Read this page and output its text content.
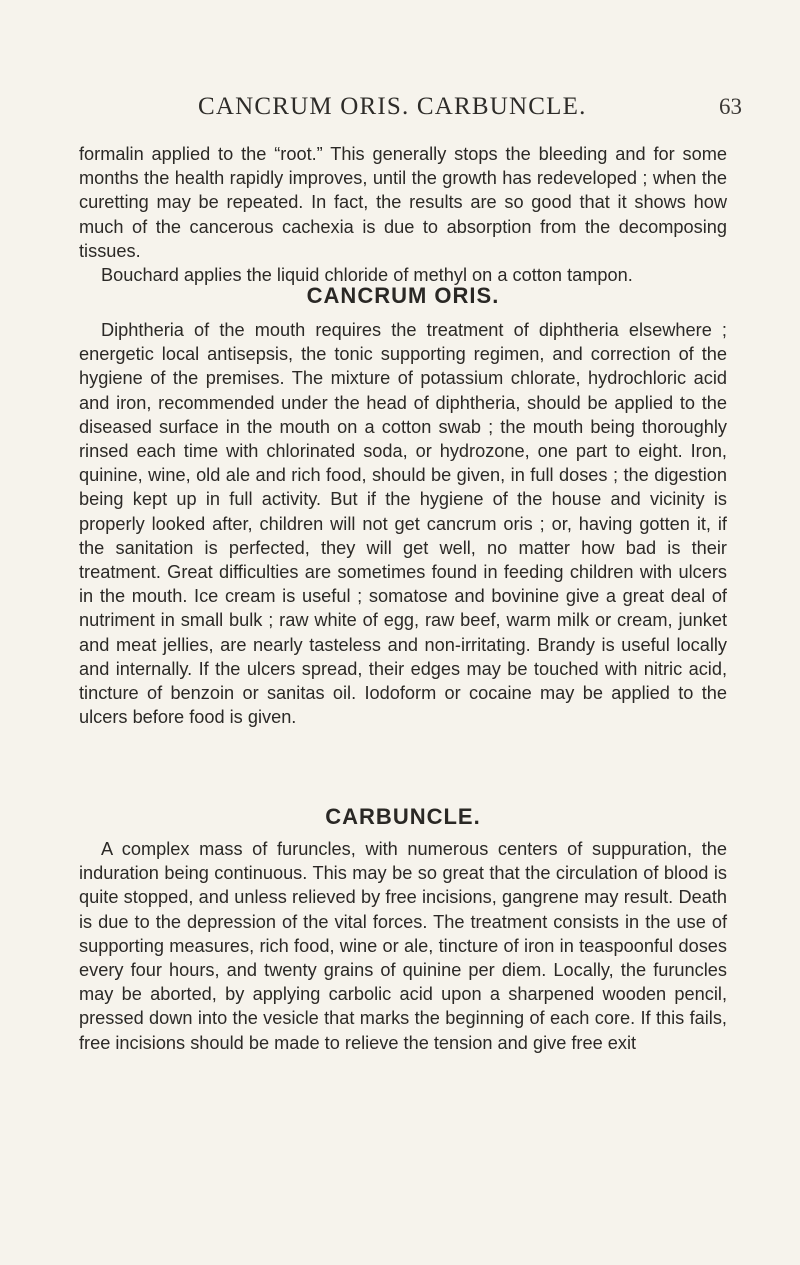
CANCRUM ORIS. CARBUNCLE.	63

formalin applied to the “root.” This generally stops the bleeding and for some months the health rapidly improves, until the growth has redeveloped ; when the curetting may be repeated. In fact, the results are so good that it shows how much of the cancerous cachexia is due to absorption from the decomposing tissues.

Bouchard applies the liquid chloride of methyl on a cotton tampon.

CANCRUM ORIS.

Diphtheria of the mouth requires the treatment of diphtheria elsewhere ; energetic local antisepsis, the tonic supporting regimen, and correction of the hygiene of the premises. The mixture of potassium chlorate, hydrochloric acid and iron, recommended under the head of diphtheria, should be applied to the diseased surface in the mouth on a cotton swab ; the mouth being thoroughly rinsed each time with chlorinated soda, or hydrozone, one part to eight. Iron, quinine, wine, old ale and rich food, should be given, in full doses ; the digestion being kept up in full activity. But if the hygiene of the house and vicinity is properly looked after, children will not get cancrum oris ; or, having gotten it, if the sanitation is perfected, they will get well, no matter how bad is their treatment. Great difficulties are sometimes found in feeding children with ulcers in the mouth. Ice cream is useful ; somatose and bovinine give a great deal of nutriment in small bulk ; raw white of egg, raw beef, warm milk or cream, junket and meat jellies, are nearly tasteless and non-irritating. Brandy is useful locally and internally. If the ulcers spread, their edges may be touched with nitric acid, tincture of benzoin or sanitas oil. Iodoform or cocaine may be applied to the ulcers before food is given.

CARBUNCLE.

A complex mass of furuncles, with numerous centers of suppuration, the induration being continuous. This may be so great that the circulation of blood is quite stopped, and unless relieved by free incisions, gangrene may result. Death is due to the depression of the vital forces. The treatment consists in the use of supporting measures, rich food, wine or ale, tincture of iron in teaspoonful doses every four hours, and twenty grains of quinine per diem. Locally, the furuncles may be aborted, by applying carbolic acid upon a sharpened wooden pencil, pressed down into the vesicle that marks the beginning of each core. If this fails, free incisions should be made to relieve the tension and give free exit
